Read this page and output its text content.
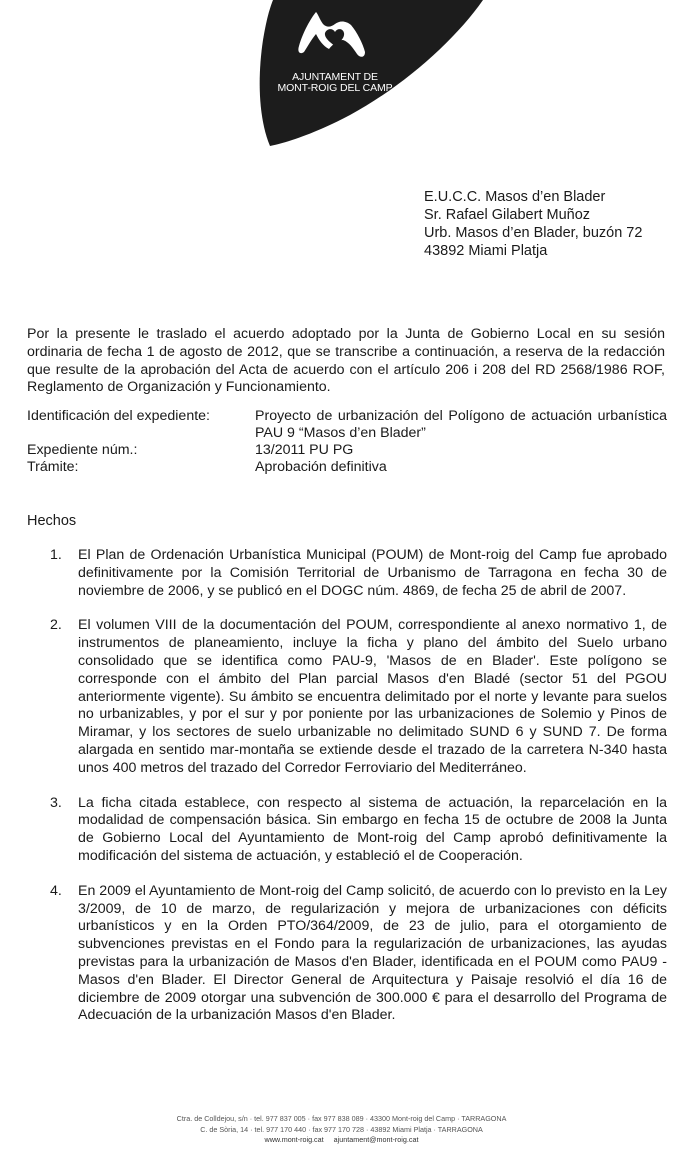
AJUNTAMENT DE
MONT-ROIG DEL CAMP
E.U.C.C. Masos d’en Blader
Sr. Rafael Gilabert Muñoz
Urb. Masos d’en Blader, buzón 72
43892 Miami Platja
Por la presente le traslado el acuerdo adoptado por la Junta de Gobierno Local en su sesión ordinaria de fecha 1 de agosto de 2012, que se transcribe a continuación, a reserva de la redacción que resulte de la aprobación del Acta de acuerdo con el artículo 206 i 208 del RD 2568/1986 ROF, Reglamento de Organización y Funcionamiento.
Identificación del expediente:	Proyecto de urbanización del Polígono de actuación urbanística PAU 9 “Masos d’en Blader”
Expediente núm.:	13/2011 PU PG
Trámite:	Aprobación definitiva
Hechos
1.	El Plan de Ordenación Urbanística Municipal (POUM) de Mont-roig del Camp fue aprobado definitivamente por la Comisión Territorial de Urbanismo de Tarragona en fecha 30 de noviembre de 2006, y se publicó en el DOGC núm. 4869, de fecha 25 de abril de 2007.
2.	El volumen VIII de la documentación del POUM, correspondiente al anexo normativo 1, de instrumentos de planeamiento, incluye la ficha y plano del ámbito del Suelo urbano consolidado que se identifica como PAU-9, 'Masos de en Blader'. Este polígono se corresponde con el ámbito del Plan parcial Masos d'en Bladé (sector 51 del PGOU anteriormente vigente). Su ámbito se encuentra delimitado por el norte y levante para suelos no urbanizables, y por el sur y por poniente por las urbanizaciones de Solemio y Pinos de Miramar, y los sectores de suelo urbanizable no delimitado SUND 6 y SUND 7. De forma alargada en sentido mar-montaña se extiende desde el trazado de la carretera N-340 hasta unos 400 metros del trazado del Corredor Ferroviario del Mediterráneo.
3.	La ficha citada establece, con respecto al sistema de actuación, la reparcelación en la modalidad de compensación básica. Sin embargo en fecha 15 de octubre de 2008 la Junta de Gobierno Local del Ayuntamiento de Mont-roig del Camp aprobó definitivamente la modificación del sistema de actuación, y estableció el de Cooperación.
4.	En 2009 el Ayuntamiento de Mont-roig del Camp solicitó, de acuerdo con lo previsto en la Ley 3/2009, de 10 de marzo, de regularización y mejora de urbanizaciones con déficits urbanísticos y en la Orden PTO/364/2009, de 23 de julio, para el otorgamiento de subvenciones previstas en el Fondo para la regularización de urbanizaciones, las ayudas previstas para la urbanización de Masos d'en Blader, identificada en el POUM como PAU9 - Masos d'en Blader. El Director General de Arquitectura y Paisaje resolvió el día 16 de diciembre de 2009 otorgar una subvención de 300.000 € para el desarrollo del Programa de Adecuación de la urbanización Masos d'en Blader.
Ctra. de Colldejou, s/n · tel. 977 837 005 · fax 977 838 089 · 43300 Mont-roig del Camp · TARRAGONA
C. de Sòria, 14 · tel. 977 170 440 · fax 977 170 728 · 43892 Miami Platja · TARRAGONA
www.mont-roig.cat ajuntament@mont-roig.cat
